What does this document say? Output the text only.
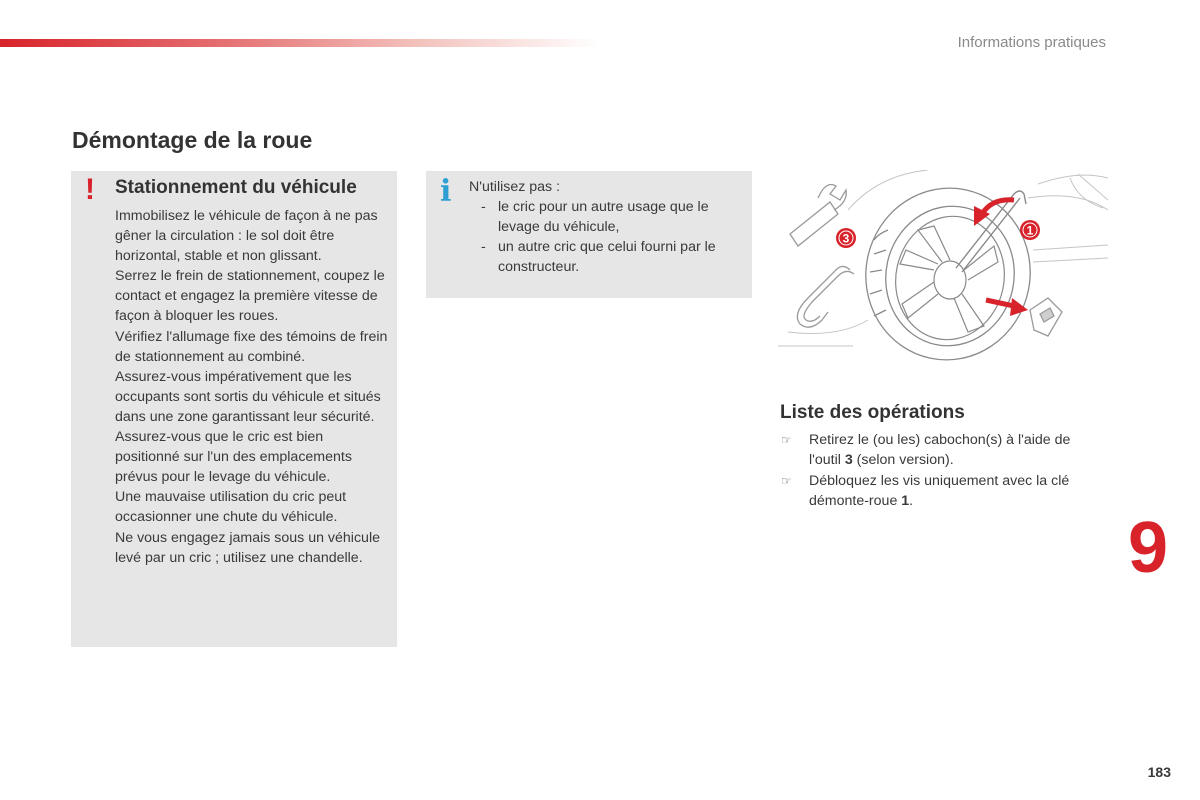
Informations pratiques
Démontage de la roue
! Stationnement du véhicule

Immobilisez le véhicule de façon à ne pas gêner la circulation : le sol doit être horizontal, stable et non glissant.

Serrez le frein de stationnement, coupez le contact et engagez la première vitesse de façon à bloquer les roues.

Vérifiez l'allumage fixe des témoins de frein de stationnement au combiné.

Assurez-vous impérativement que les occupants sont sortis du véhicule et situés dans une zone garantissant leur sécurité.

Assurez-vous que le cric est bien positionné sur l'un des emplacements prévus pour le levage du véhicule.

Une mauvaise utilisation du cric peut occasionner une chute du véhicule.

Ne vous engagez jamais sous un véhicule levé par un cric ; utilisez une chandelle.

i N'utilisez pas :
- le cric pour un autre usage que le levage du véhicule,
- un autre cric que celui fourni par le constructeur.
1
3
Liste des opérations
☞ Retirez le (ou les) cabochon(s) à l'aide de l'outil 3 (selon version).
☞ Débloquez les vis uniquement avec la clé démonte-roue 1.
9
183
